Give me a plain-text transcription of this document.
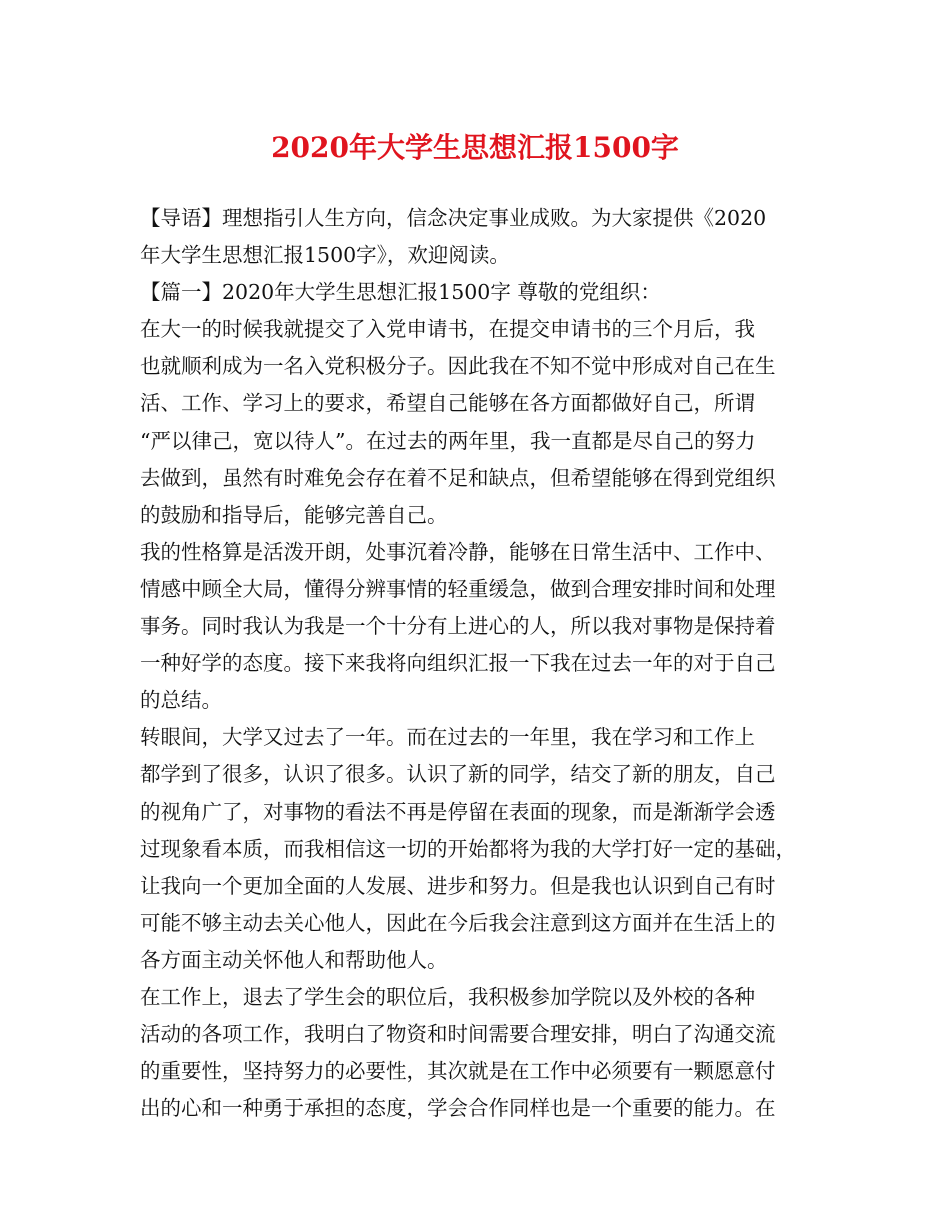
2020年大学生思想汇报1500字
【导语】理想指引人生方向，信念决定事业成败。为大家提供《2020
年大学生思想汇报1500字》，欢迎阅读。
【篇一】2020年大学生思想汇报1500字 尊敬的党组织：
在大一的时候我就提交了入党申请书，在提交申请书的三个月后，我
也就顺利成为一名入党积极分子。因此我在不知不觉中形成对自己在生
活、工作、学习上的要求，希望自己能够在各方面都做好自己，所谓
“严以律己，宽以待人”。在过去的两年里，我一直都是尽自己的努力
去做到，虽然有时难免会存在着不足和缺点，但希望能够在得到党组织
的鼓励和指导后，能够完善自己。
我的性格算是活泼开朗，处事沉着冷静，能够在日常生活中、工作中、
情感中顾全大局，懂得分辨事情的轻重缓急，做到合理安排时间和处理
事务。同时我认为我是一个十分有上进心的人，所以我对事物是保持着
一种好学的态度。接下来我将向组织汇报一下我在过去一年的对于自己
的总结。
转眼间，大学又过去了一年。而在过去的一年里，我在学习和工作上
都学到了很多，认识了很多。认识了新的同学，结交了新的朋友，自己
的视角广了，对事物的看法不再是停留在表面的现象，而是渐渐学会透
过现象看本质，而我相信这一切的开始都将为我的大学打好一定的基础，
让我向一个更加全面的人发展、进步和努力。但是我也认识到自己有时
可能不够主动去关心他人，因此在今后我会注意到这方面并在生活上的
各方面主动关怀他人和帮助他人。
在工作上，退去了学生会的职位后，我积极参加学院以及外校的各种
活动的各项工作，我明白了物资和时间需要合理安排，明白了沟通交流
的重要性，坚持努力的必要性，其次就是在工作中必须要有一颗愿意付
出的心和一种勇于承担的态度，学会合作同样也是一个重要的能力。在
